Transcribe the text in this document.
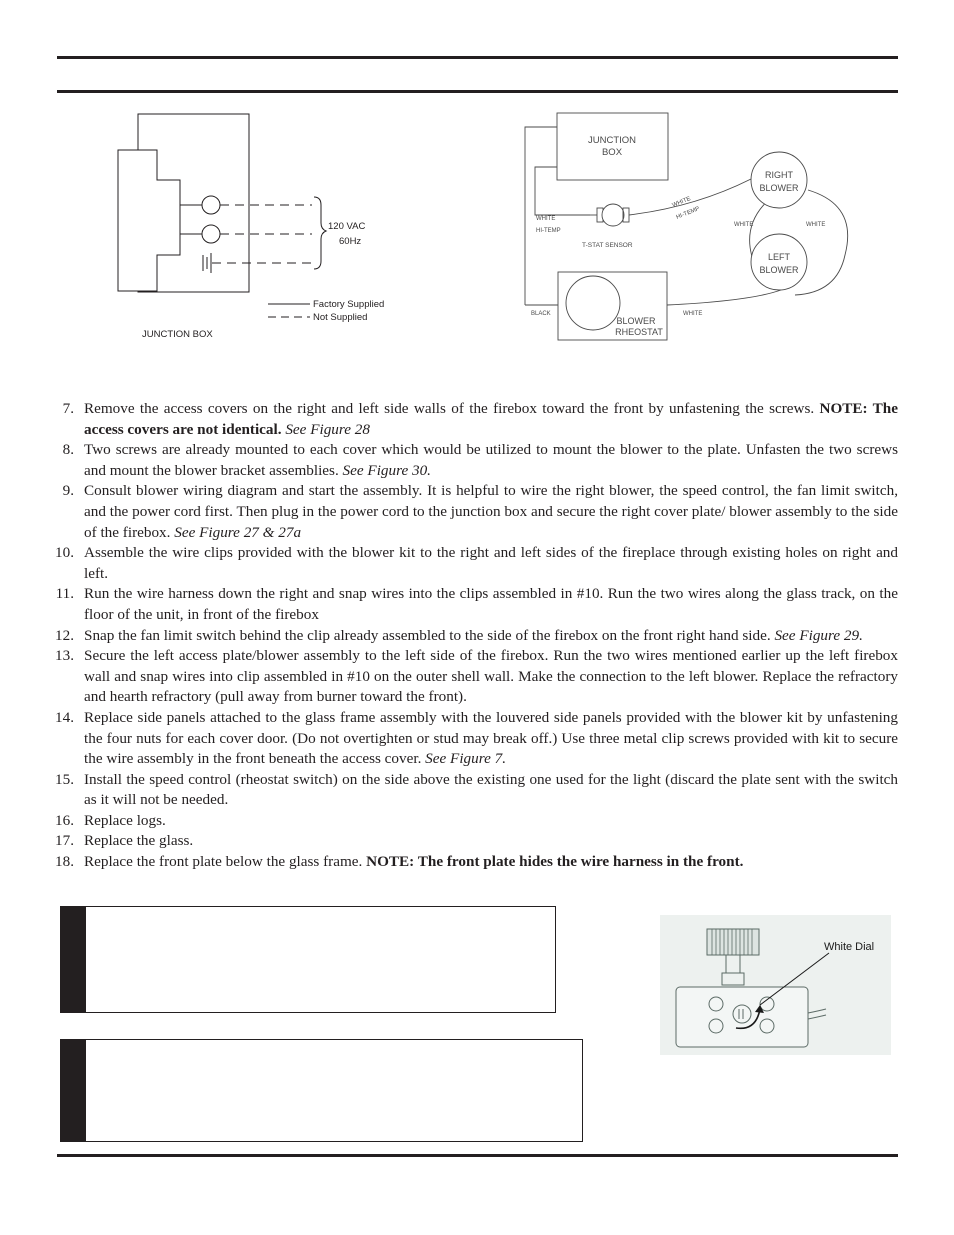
120 VAC
60Hz
Factory Supplied
Not Supplied
JUNCTION BOX
JUNCTION
BOX
RIGHT
BLOWER
LEFT
BLOWER
BLOWER
RHEOSTAT
T-STAT SENSOR
WHITE
HI-TEMP
BLACK	WHITE
WHITE	WHITE
WHITE
HI-TEMP
7. Remove the access covers on the right and left side walls of the firebox toward the front by unfastening the screws. NOTE: The access covers are not identical. See Figure 28
8. Two screws are already mounted to each cover which would be utilized to mount the blower to the plate. Unfasten the two screws and mount the blower bracket assemblies. See Figure 30.
9. Consult blower wiring diagram and start the assembly. It is helpful to wire the right blower, the speed control, the fan limit switch, and the power cord first. Then plug in the power cord to the junction box and secure the right cover plate/ blower assembly to the side of the firebox. See Figure 27 & 27a
10. Assemble the wire clips provided with the blower kit to the right and left sides of the fireplace through existing holes on right and left.
11. Run the wire harness down the right and snap wires into the clips assembled in #10. Run the two wires along the glass track, on the floor of the unit, in front of the firebox
12. Snap the fan limit switch behind the clip already assembled to the side of the firebox on the front right hand side. See Figure 29.
13. Secure the left access plate/blower assembly to the left side of the firebox. Run the two wires mentioned earlier up the left firebox wall and snap wires into clip assembled in #10 on the outer shell wall. Make the connection to the left blower. Replace the refractory and hearth refractory (pull away from burner toward the front).
14. Replace side panels attached to the glass frame assembly with the louvered side panels provided with the blower kit by unfastening the four nuts for each cover door. (Do not overtighten or stud may break off.) Use three metal clip screws provided with kit to secure the wire assembly in the front beneath the access cover. See Figure 7.
15. Install the speed control (rheostat switch) on the side above the existing one used for the light (discard the plate sent with the switch as it will not be needed.
16. Replace logs.
17. Replace the glass.
18. Replace the front plate below the glass frame. NOTE: The front plate hides the wire harness in the front.
White Dial
